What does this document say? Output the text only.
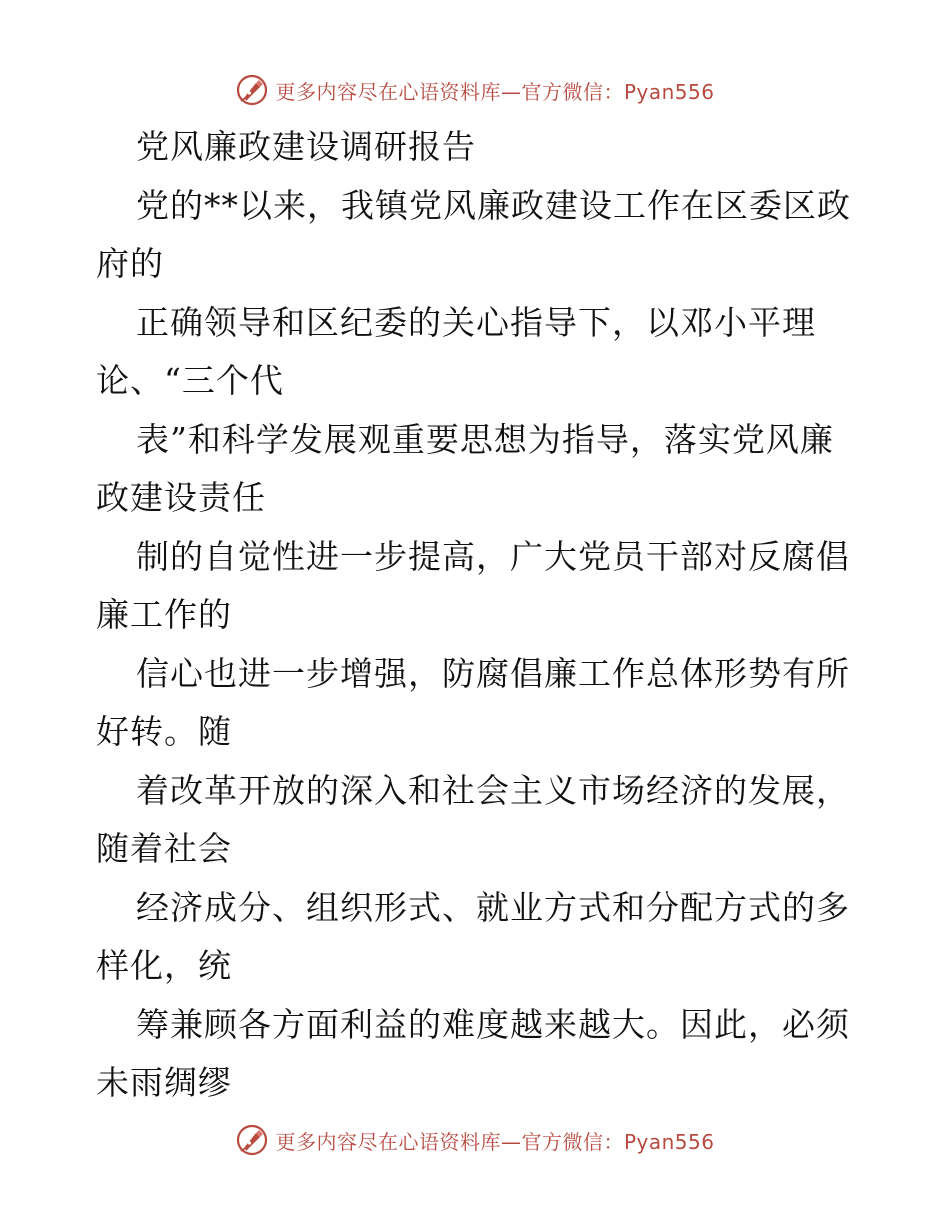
更多内容尽在心语资料库—官方微信：Pyan556
党风廉政建设调研报告
党的**以来，我镇党风廉政建设工作在区委区政
府的
正确领导和区纪委的关心指导下，以邓小平理
论、“三个代
表”和科学发展观重要思想为指导，落实党风廉
政建设责任
制的自觉性进一步提高，广大党员干部对反腐倡
廉工作的
信心也进一步增强，防腐倡廉工作总体形势有所
好转。随
着改革开放的深入和社会主义市场经济的发展，
随着社会
经济成分、组织形式、就业方式和分配方式的多
样化，统
筹兼顾各方面利益的难度越来越大。因此，必须
未雨绸缪
更多内容尽在心语资料库—官方微信：Pyan556
